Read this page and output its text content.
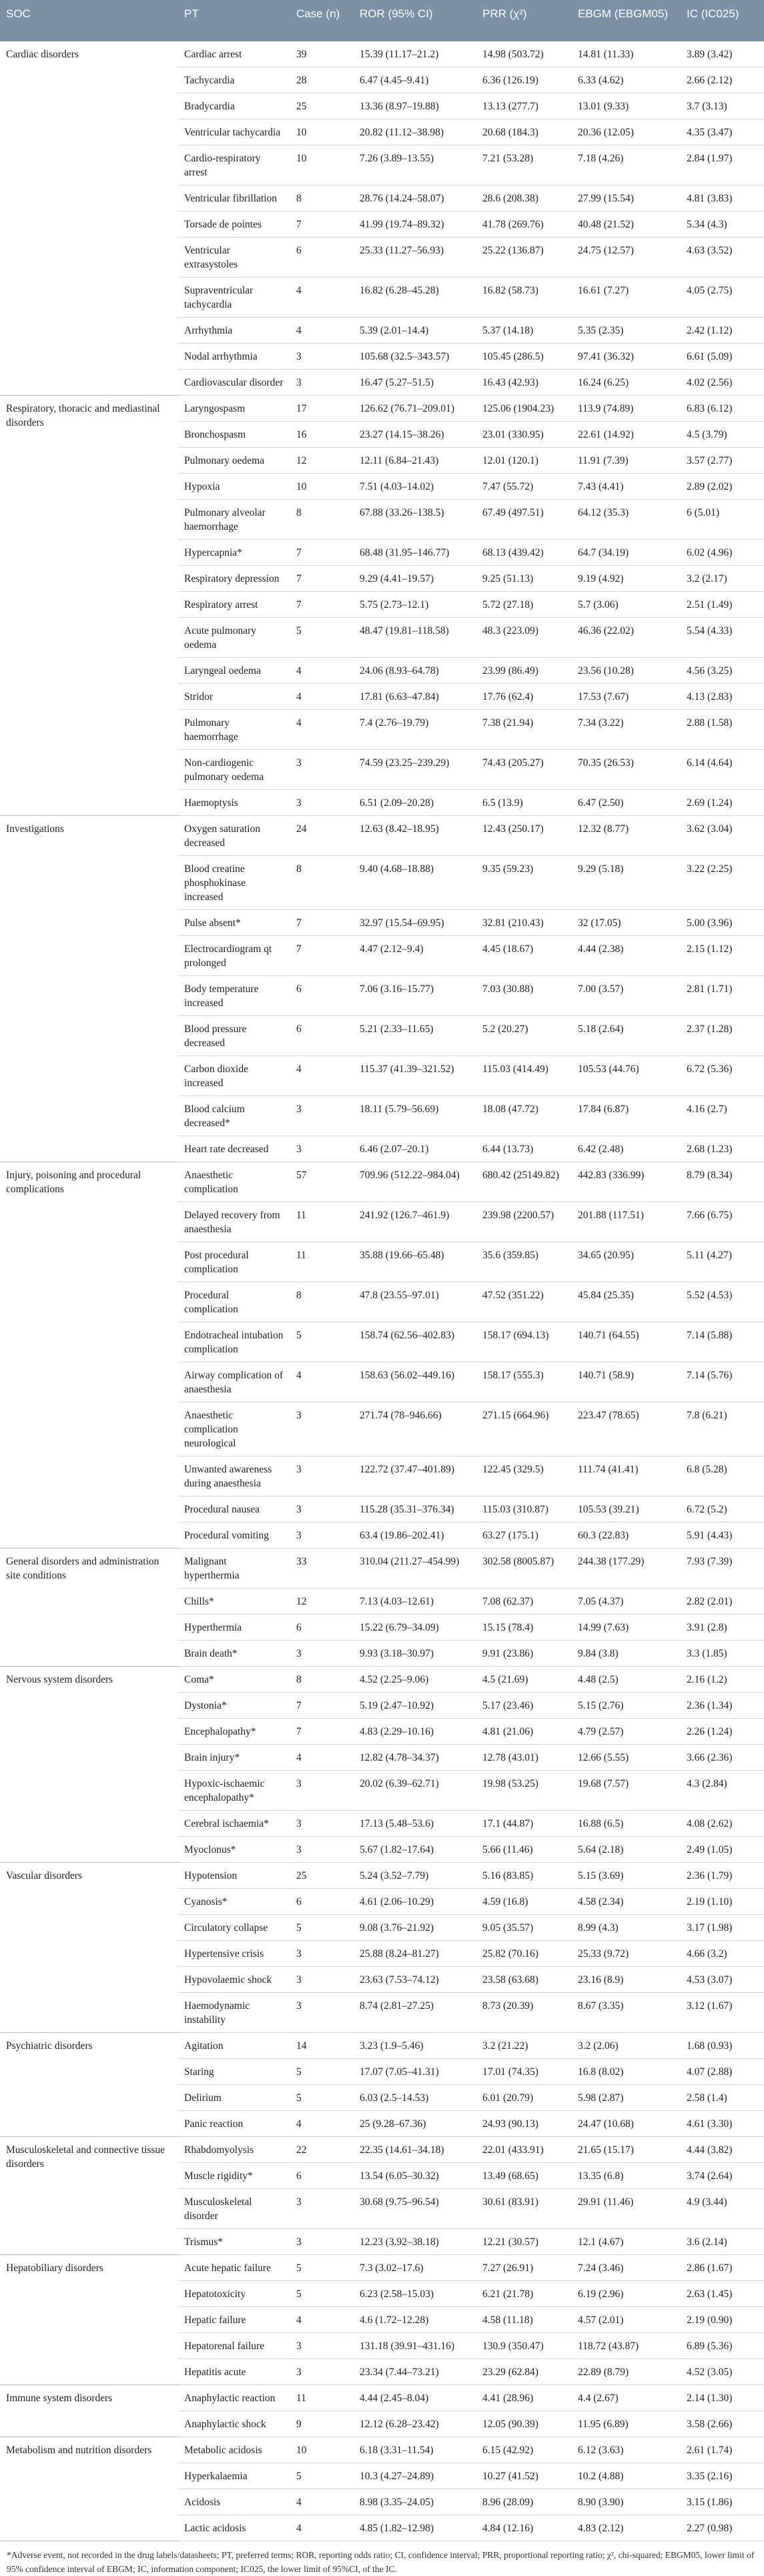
SOC	PT	Case (n)	ROR (95% CI)	PRR (χ²)	EBGM (EBGM05)	IC (IC025)
Cardiac disorders	Cardiac arrest	39	15.39 (11.17–21.2)	14.98 (503.72)	14.81 (11.33)	3.89 (3.42)
	Tachycardia	28	6.47 (4.45–9.41)	6.36 (126.19)	6.33 (4.62)	2.66 (2.12)
	Bradycardia	25	13.36 (8.97–19.88)	13.13 (277.7)	13.01 (9.33)	3.7 (3.13)
	Ventricular tachycardia	10	20.82 (11.12–38.98)	20.68 (184.3)	20.36 (12.05)	4.35 (3.47)
	Cardio-respiratory arrest	10	7.26 (3.89–13.55)	7.21 (53.28)	7.18 (4.26)	2.84 (1.97)
	Ventricular fibrillation	8	28.76 (14.24–58.07)	28.6 (208.38)	27.99 (15.54)	4.81 (3.83)
	Torsade de pointes	7	41.99 (19.74–89.32)	41.78 (269.76)	40.48 (21.52)	5.34 (4.3)
	Ventricular extrasystoles	6	25.33 (11.27–56.93)	25.22 (136.87)	24.75 (12.57)	4.63 (3.52)
	Supraventricular tachycardia	4	16.82 (6.28–45.28)	16.82 (58.73)	16.61 (7.27)	4.05 (2.75)
	Arrhythmia	4	5.39 (2.01–14.4)	5.37 (14.18)	5.35 (2.35)	2.42 (1.12)
	Nodal arrhythmia	3	105.68 (32.5–343.57)	105.45 (286.5)	97.41 (36.32)	6.61 (5.09)
	Cardiovascular disorder	3	16.47 (5.27–51.5)	16.43 (42.93)	16.24 (6.25)	4.02 (2.56)
Respiratory, thoracic and mediastinal disorders	Laryngospasm	17	126.62 (76.71–209.01)	125.06 (1904.23)	113.9 (74.89)	6.83 (6.12)
	Bronchospasm	16	23.27 (14.15–38.26)	23.01 (330.95)	22.61 (14.92)	4.5 (3.79)
	Pulmonary oedema	12	12.11 (6.84–21.43)	12.01 (120.1)	11.91 (7.39)	3.57 (2.77)
	Hypoxia	10	7.51 (4.03–14.02)	7.47 (55.72)	7.43 (4.41)	2.89 (2.02)
	Pulmonary alveolar haemorrhage	8	67.88 (33.26–138.5)	67.49 (497.51)	64.12 (35.3)	6 (5.01)
	Hypercapnia*	7	68.48 (31.95–146.77)	68.13 (439.42)	64.7 (34.19)	6.02 (4.96)
	Respiratory depression	7	9.29 (4.41–19.57)	9.25 (51.13)	9.19 (4.92)	3.2 (2.17)
	Respiratory arrest	7	5.75 (2.73–12.1)	5.72 (27.18)	5.7 (3.06)	2.51 (1.49)
	Acute pulmonary oedema	5	48.47 (19.81–118.58)	48.3 (223.09)	46.36 (22.02)	5.54 (4.33)
	Laryngeal oedema	4	24.06 (8.93–64.78)	23.99 (86.49)	23.56 (10.28)	4.56 (3.25)
	Stridor	4	17.81 (6.63–47.84)	17.76 (62.4)	17.53 (7.67)	4.13 (2.83)
	Pulmonary haemorrhage	4	7.4 (2.76–19.79)	7.38 (21.94)	7.34 (3.22)	2.88 (1.58)
	Non-cardiogenic pulmonary oedema	3	74.59 (23.25–239.29)	74.43 (205.27)	70.35 (26.53)	6.14 (4.64)
	Haemoptysis	3	6.51 (2.09–20.28)	6.5 (13.9)	6.47 (2.50)	2.69 (1.24)
Investigations	Oxygen saturation decreased	24	12.63 (8.42–18.95)	12.43 (250.17)	12.32 (8.77)	3.62 (3.04)
	Blood creatine phosphokinase increased	8	9.40 (4.68–18.88)	9.35 (59.23)	9.29 (5.18)	3.22 (2.25)
	Pulse absent*	7	32.97 (15.54–69.95)	32.81 (210.43)	32 (17.05)	5.00 (3.96)
	Electrocardiogram qt prolonged	7	4.47 (2.12–9.4)	4.45 (18.67)	4.44 (2.38)	2.15 (1.12)
	Body temperature increased	6	7.06 (3.16–15.77)	7.03 (30.88)	7.00 (3.57)	2.81 (1.71)
	Blood pressure decreased	6	5.21 (2.33–11.65)	5.2 (20.27)	5.18 (2.64)	2.37 (1.28)
	Carbon dioxide increased	4	115.37 (41.39–321.52)	115.03 (414.49)	105.53 (44.76)	6.72 (5.36)
	Blood calcium decreased*	3	18.11 (5.79–56.69)	18.08 (47.72)	17.84 (6.87)	4.16 (2.7)
	Heart rate decreased	3	6.46 (2.07–20.1)	6.44 (13.73)	6.42 (2.48)	2.68 (1.23)
Injury, poisoning and procedural complications	Anaesthetic complication	57	709.96 (512.22–984.04)	680.42 (25149.82)	442.83 (336.99)	8.79 (8.34)
	Delayed recovery from anaesthesia	11	241.92 (126.7–461.9)	239.98 (2200.57)	201.88 (117.51)	7.66 (6.75)
	Post procedural complication	11	35.88 (19.66–65.48)	35.6 (359.85)	34.65 (20.95)	5.11 (4.27)
	Procedural complication	8	47.8 (23.55–97.01)	47.52 (351.22)	45.84 (25.35)	5.52 (4.53)
	Endotracheal intubation complication	5	158.74 (62.56–402.83)	158.17 (694.13)	140.71 (64.55)	7.14 (5.88)
	Airway complication of anaesthesia	4	158.63 (56.02–449.16)	158.17 (555.3)	140.71 (58.9)	7.14 (5.76)
	Anaesthetic complication neurological	3	271.74 (78–946.66)	271.15 (664.96)	223.47 (78.65)	7.8 (6.21)
	Unwanted awareness during anaesthesia	3	122.72 (37.47–401.89)	122.45 (329.5)	111.74 (41.41)	6.8 (5.28)
	Procedural nausea	3	115.28 (35.31–376.34)	115.03 (310.87)	105.53 (39.21)	6.72 (5.2)
	Procedural vomiting	3	63.4 (19.86–202.41)	63.27 (175.1)	60.3 (22.83)	5.91 (4.43)
General disorders and administration site conditions	Malignant hyperthermia	33	310.04 (211.27–454.99)	302.58 (8005.87)	244.38 (177.29)	7.93 (7.39)
	Chills*	12	7.13 (4.03–12.61)	7.08 (62.37)	7.05 (4.37)	2.82 (2.01)
	Hyperthermia	6	15.22 (6.79–34.09)	15.15 (78.4)	14.99 (7.63)	3.91 (2.8)
	Brain death*	3	9.93 (3.18–30.97)	9.91 (23.86)	9.84 (3.8)	3.3 (1.85)
Nervous system disorders	Coma*	8	4.52 (2.25–9.06)	4.5 (21.69)	4.48 (2.5)	2.16 (1.2)
	Dystonia*	7	5.19 (2.47–10.92)	5.17 (23.46)	5.15 (2.76)	2.36 (1.34)
	Encephalopathy*	7	4.83 (2.29–10.16)	4.81 (21.06)	4.79 (2.57)	2.26 (1.24)
	Brain injury*	4	12.82 (4.78–34.37)	12.78 (43.01)	12.66 (5.55)	3.66 (2.36)
	Hypoxic-ischaemic encephalopathy*	3	20.02 (6.39–62.71)	19.98 (53.25)	19.68 (7.57)	4.3 (2.84)
	Cerebral ischaemia*	3	17.13 (5.48–53.6)	17.1 (44.87)	16.88 (6.5)	4.08 (2.62)
	Myoclonus*	3	5.67 (1.82–17.64)	5.66 (11.46)	5.64 (2.18)	2.49 (1.05)
Vascular disorders	Hypotension	25	5.24 (3.52–7.79)	5.16 (83.85)	5.15 (3.69)	2.36 (1.79)
	Cyanosis*	6	4.61 (2.06–10.29)	4.59 (16.8)	4.58 (2.34)	2.19 (1.10)
	Circulatory collapse	5	9.08 (3.76–21.92)	9.05 (35.57)	8.99 (4.3)	3.17 (1.98)
	Hypertensive crisis	3	25.88 (8.24–81.27)	25.82 (70.16)	25.33 (9.72)	4.66 (3.2)
	Hypovolaemic shock	3	23.63 (7.53–74.12)	23.58 (63.68)	23.16 (8.9)	4.53 (3.07)
	Haemodynamic instability	3	8.74 (2.81–27.25)	8.73 (20.39)	8.67 (3.35)	3.12 (1.67)
Psychiatric disorders	Agitation	14	3.23 (1.9–5.46)	3.2 (21.22)	3.2 (2.06)	1.68 (0.93)
	Staring	5	17.07 (7.05–41.31)	17.01 (74.35)	16.8 (8.02)	4.07 (2.88)
	Delirium	5	6.03 (2.5–14.53)	6.01 (20.79)	5.98 (2.87)	2.58 (1.4)
	Panic reaction	4	25 (9.28–67.36)	24.93 (90.13)	24.47 (10.68)	4.61 (3.30)
Musculoskeletal and connective tissue disorders	Rhabdomyolysis	22	22.35 (14.61–34.18)	22.01 (433.91)	21.65 (15.17)	4.44 (3.82)
	Muscle rigidity*	6	13.54 (6.05–30.32)	13.49 (68.65)	13.35 (6.8)	3.74 (2.64)
	Musculoskeletal disorder	3	30.68 (9.75–96.54)	30.61 (83.91)	29.91 (11.46)	4.9 (3.44)
	Trismus*	3	12.23 (3.92–38.18)	12.21 (30.57)	12.1 (4.67)	3.6 (2.14)
Hepatobiliary disorders	Acute hepatic failure	5	7.3 (3.02–17.6)	7.27 (26.91)	7.24 (3.46)	2.86 (1.67)
	Hepatotoxicity	5	6.23 (2.58–15.03)	6.21 (21.78)	6.19 (2.96)	2.63 (1.45)
	Hepatic failure	4	4.6 (1.72–12.28)	4.58 (11.18)	4.57 (2.01)	2.19 (0.90)
	Hepatorenal failure	3	131.18 (39.91–431.16)	130.9 (350.47)	118.72 (43.87)	6.89 (5.36)
	Hepatitis acute	3	23.34 (7.44–73.21)	23.29 (62.84)	22.89 (8.79)	4.52 (3.05)
Immune system disorders	Anaphylactic reaction	11	4.44 (2.45–8.04)	4.41 (28.96)	4.4 (2.67)	2.14 (1.30)
	Anaphylactic shock	9	12.12 (6.28–23.42)	12.05 (90.39)	11.95 (6.89)	3.58 (2.66)
Metabolism and nutrition disorders	Metabolic acidosis	10	6.18 (3.31–11.54)	6.15 (42.92)	6.12 (3.63)	2.61 (1.74)
	Hyperkalaemia	5	10.3 (4.27–24.89)	10.27 (41.52)	10.2 (4.88)	3.35 (2.16)
	Acidosis	4	8.98 (3.35–24.05)	8.96 (28.09)	8.90 (3.90)	3.15 (1.86)
	Lactic acidosis	4	4.85 (1.82–12.98)	4.84 (12.16)	4.83 (2.12)	2.27 (0.98)
*Adverse event, not recorded in the drug labels/datasheets; PT, preferred terms; ROR, reporting odds ratio; CI, confidence interval; PRR, proportional reporting ratio; χ², chi-squared; EBGM05, lower limit of 95% confidence interval of EBGM; IC, information component; IC025, the lower limit of 95%CI, of the IC.
